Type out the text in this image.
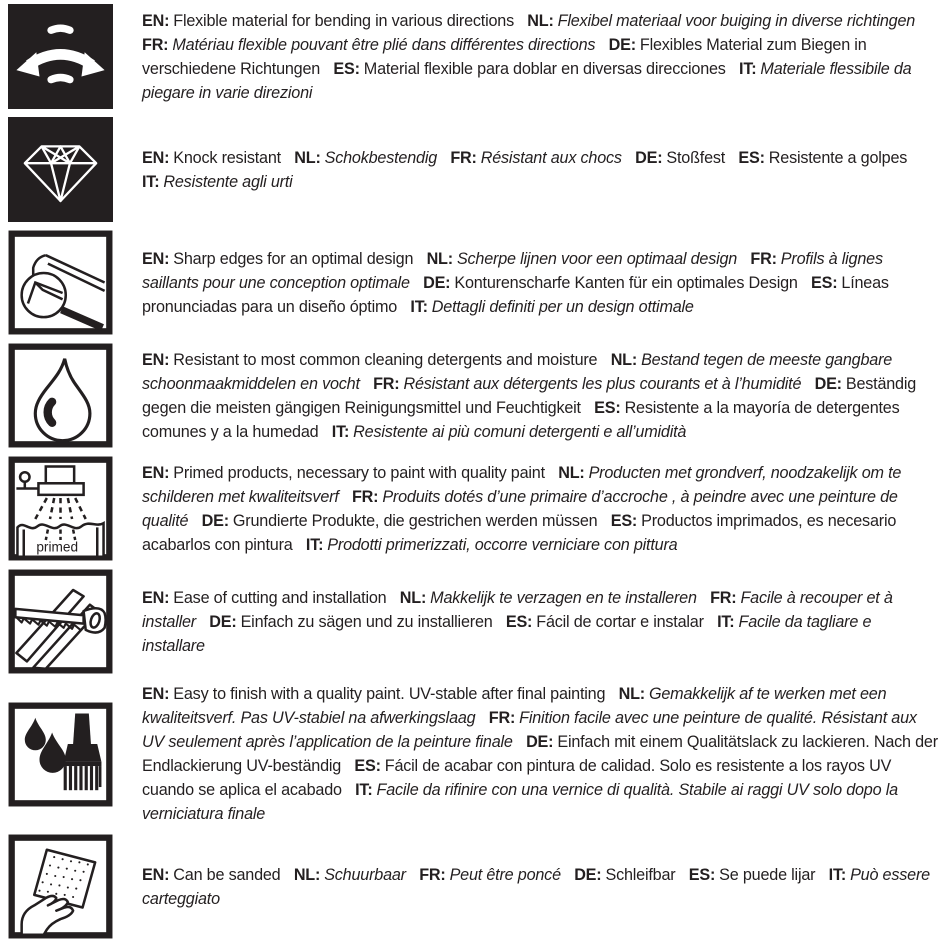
EN: Flexible material for bending in various directions NL: Flexibel materiaal voor buiging in diverse richtingen FR: Matériau flexible pouvant être plié dans différentes directions DE: Flexibles Material zum Biegen in verschiedene Richtungen ES: Material flexible para doblar en diversas direcciones IT: Materiale flessibile da piegare in varie direzioni

EN: Knock resistant NL: Schokbestendig FR: Résistant aux chocs DE: Stoßfest ES: Resistente a golpes IT: Resistente agli urti

EN: Sharp edges for an optimal design NL: Scherpe lijnen voor een optimaal design FR: Profils à lignes saillants pour une conception optimale DE: Konturenscharfe Kanten für ein optimales Design ES: Líneas pronunciadas para un diseño óptimo IT: Dettagli definiti per un design ottimale

EN: Resistant to most common cleaning detergents and moisture NL: Bestand tegen de meeste gangbare schoonmaakmiddelen en vocht FR: Résistant aux détergents les plus courants et à l’humidité DE: Beständig gegen die meisten gängigen Reinigungsmittel und Feuchtigkeit ES: Resistente a la mayoría de detergentes comunes y a la humedad IT: Resistente ai più comuni detergenti e all’umidità

primed

EN: Primed products, necessary to paint with quality paint NL: Producten met grondverf, noodzakelijk om te schilderen met kwaliteitsverf FR: Produits dotés d’une primaire d’accroche , à peindre avec une peinture de qualité DE: Grundierte Produkte, die gestrichen werden müssen ES: Productos imprimados, es necesario acabarlos con pintura IT: Prodotti primerizzati, occorre verniciare con pittura

EN: Ease of cutting and installation NL: Makkelijk te verzagen en te installeren FR: Facile à recouper et à installer DE: Einfach zu sägen und zu installieren ES: Fácil de cortar e instalar IT: Facile da tagliare e installare

EN: Easy to finish with a quality paint. UV-stable after final painting NL: Gemakkelijk af te werken met een kwaliteitsverf. Pas UV-stabiel na afwerkingslaag FR: Finition facile avec une peinture de qualité. Résistant aux UV seulement après l’application de la peinture finale DE: Einfach mit einem Qualitätslack zu lackieren. Nach der Endlackierung UV-beständig ES: Fácil de acabar con pintura de calidad. Solo es resistente a los rayos UV cuando se aplica el acabado IT: Facile da rifinire con una vernice di qualità. Stabile ai raggi UV solo dopo la verniciatura finale

EN: Can be sanded NL: Schuurbaar FR: Peut être poncé DE: Schleifbar ES: Se puede lijar IT: Può essere carteggiato
